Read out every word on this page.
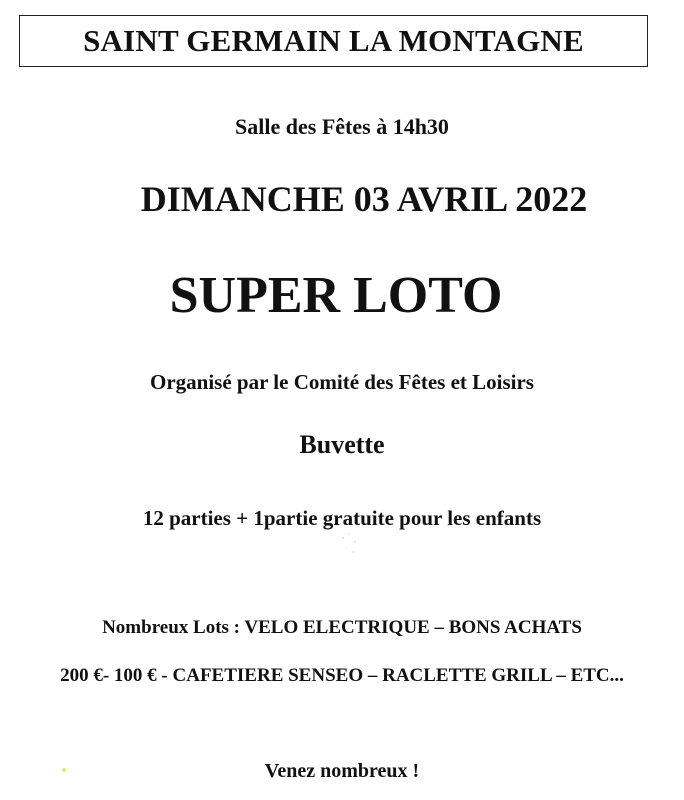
SAINT GERMAIN LA MONTAGNE

Salle des Fêtes à 14h30

DIMANCHE 03 AVRIL 2022

SUPER LOTO

Organisé par le Comité des Fêtes et Loisirs

Buvette

12 parties + 1partie gratuite pour les enfants

Nombreux Lots : VELO ELECTRIQUE – BONS ACHATS

200 €- 100 € - CAFETIERE SENSEO – RACLETTE GRILL – ETC...

Venez nombreux !
